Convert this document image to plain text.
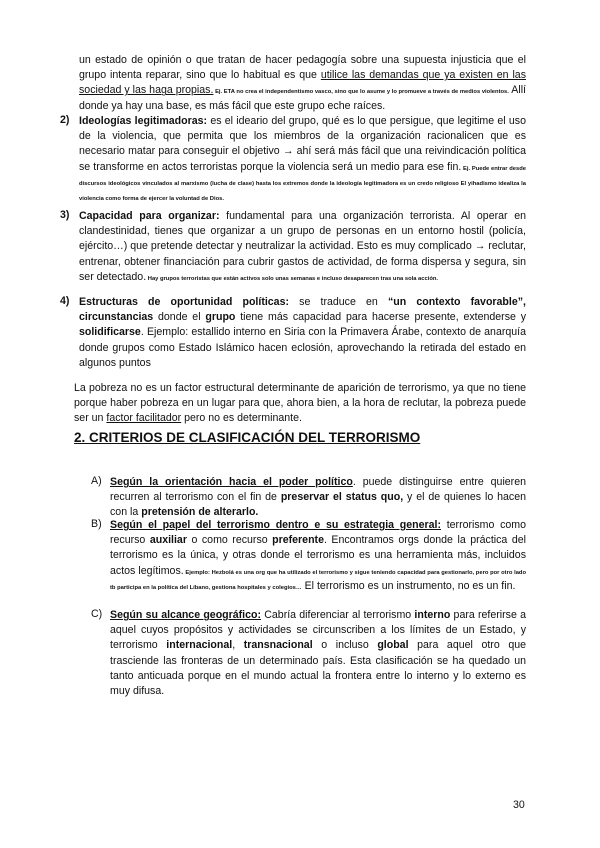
un estado de opinión o que tratan de hacer pedagogía sobre una supuesta injusticia que el grupo intenta reparar, sino que lo habitual es que utilice las demandas que ya existen en las sociedad y las haga propias. Ej. ETA no crea el independentismo vasco, sino que lo asume y lo promueve a través de medios violentos. Allí donde ya hay una base, es más fácil que este grupo eche raíces.
2) Ideologías legitimadoras: es el ideario del grupo, qué es lo que persigue, que legitime el uso de la violencia, que permita que los miembros de la organización racionalicen que es necesario matar para conseguir el objetivo → ahí será más fácil que una reivindicación política se transforme en actos terroristas porque la violencia será un medio para ese fin. Ej. Puede entrar desde discursos ideológicos vinculados al marxismo (lucha de clase) hasta los extremos donde la ideología legitimadora es un credo religioso El yihadismo idealiza la violencia como forma de ejercer la voluntad de Dios.
3) Capacidad para organizar: fundamental para una organización terrorista. Al operar en clandestinidad, tienes que organizar a un grupo de personas en un entorno hostil (policía, ejército…) que pretende detectar y neutralizar la actividad. Esto es muy complicado → reclutar, entrenar, obtener financiación para cubrir gastos de actividad, de forma dispersa y segura, sin ser detectado. Hay grupos terroristas que están activos solo unas semanas e incluso desaparecen tras una sola acción.
4) Estructuras de oportunidad políticas: se traduce en “un contexto favorable”, circunstancias donde el grupo tiene más capacidad para hacerse presente, extenderse y solidificarse. Ejemplo: estallido interno en Siria con la Primavera Árabe, contexto de anarquía donde grupos como Estado Islámico hacen eclosión, aprovechando la retirada del estado en algunos puntos
La pobreza no es un factor estructural determinante de aparición de terrorismo, ya que no tiene porque haber pobreza en un lugar para que, ahora bien, a la hora de reclutar, la pobreza puede ser un factor facilitador pero no es determinante.
2. CRITERIOS DE CLASIFICACIÓN DEL TERRORISMO
A) Según la orientación hacia el poder político. puede distinguirse entre quieren recurren al terrorismo con el fin de preservar el status quo, y el de quienes lo hacen con la pretensión de alterarlo.
B) Según el papel del terrorismo dentro e su estrategia general: terrorismo como recurso auxiliar o como recurso preferente. Encontramos orgs donde la práctica del terrorismo es la única, y otras donde el terrorismo es una herramienta más, incluidos actos legítimos. Ejemplo: Hezbolá es una org que ha utilizado el terrorismo y sigue teniendo capacidad para gestionarlo, pero por otro lado tb participa en la política del Líbano, gestiona hospitales y colegios… El terrorismo es un instrumento, no es un fin.
C) Según su alcance geográfico: Cabría diferenciar al terrorismo interno para referirse a aquel cuyos propósitos y actividades se circunscriben a los límites de un Estado, y terrorismo internacional, transnacional o incluso global para aquel otro que trasciende las fronteras de un determinado país. Esta clasificación se ha quedado un tanto anticuada porque en el mundo actual la frontera entre lo interno y lo externo es muy difusa.
30
